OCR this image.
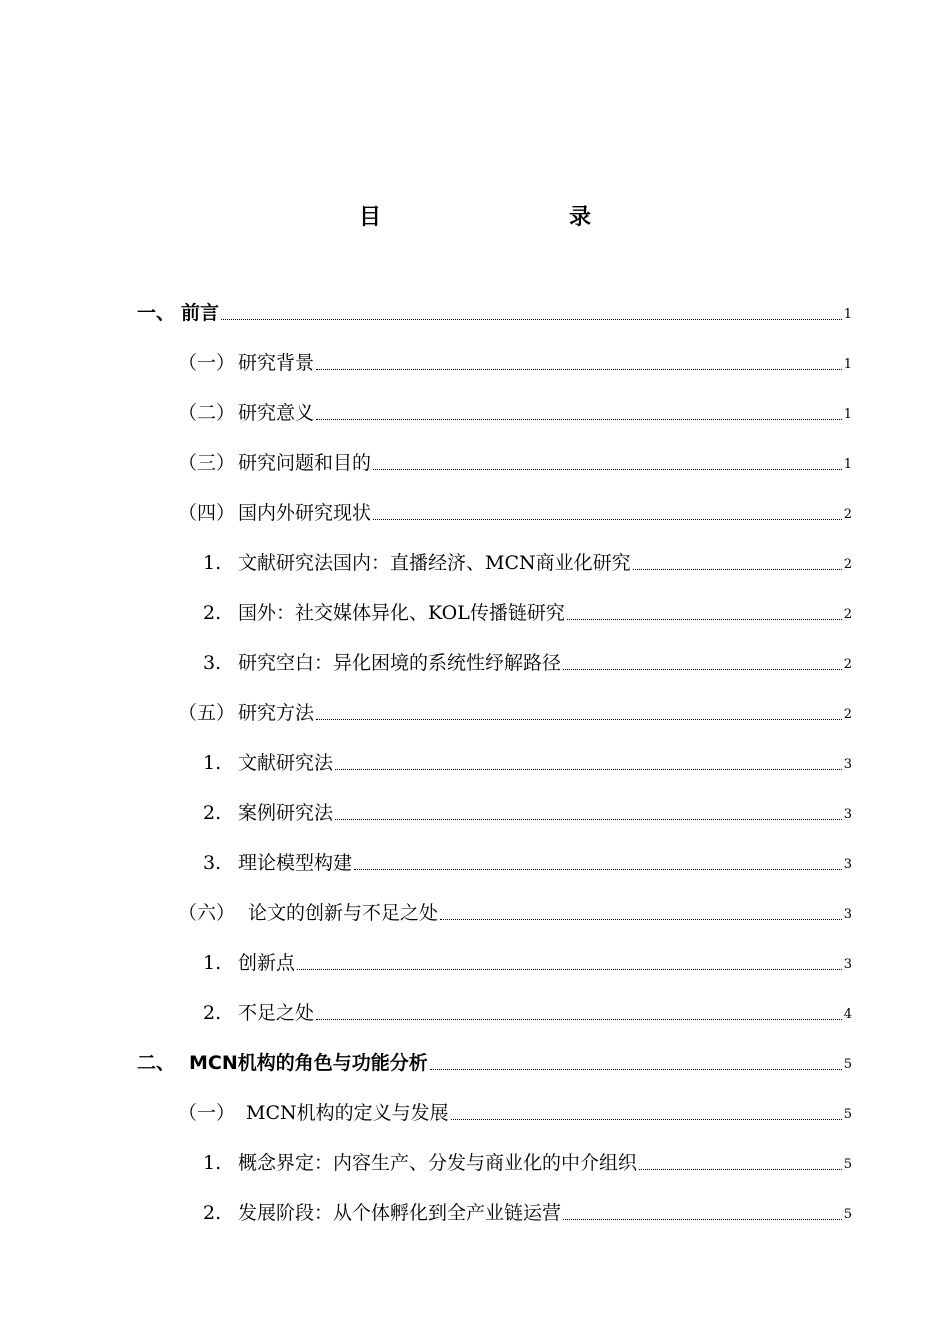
目　　录
一、 前言	1
（一） 研究背景	1
（二） 研究意义	1
（三） 研究问题和目的	1
（四） 国内外研究现状	2
1. 文献研究法国内：直播经济、MCN商业化研究	2
2. 国外：社交媒体异化、KOL传播链研究	2
3. 研究空白：异化困境的系统性纾解路径	2
（五） 研究方法	2
1. 文献研究法	3
2. 案例研究法	3
3. 理论模型构建	3
（六） 论文的创新与不足之处	3
1. 创新点	3
2. 不足之处	4
二、 MCN机构的角色与功能分析	5
（一） MCN机构的定义与发展	5
1. 概念界定：内容生产、分发与商业化的中介组织	5
2. 发展阶段：从个体孵化到全产业链运营	5
